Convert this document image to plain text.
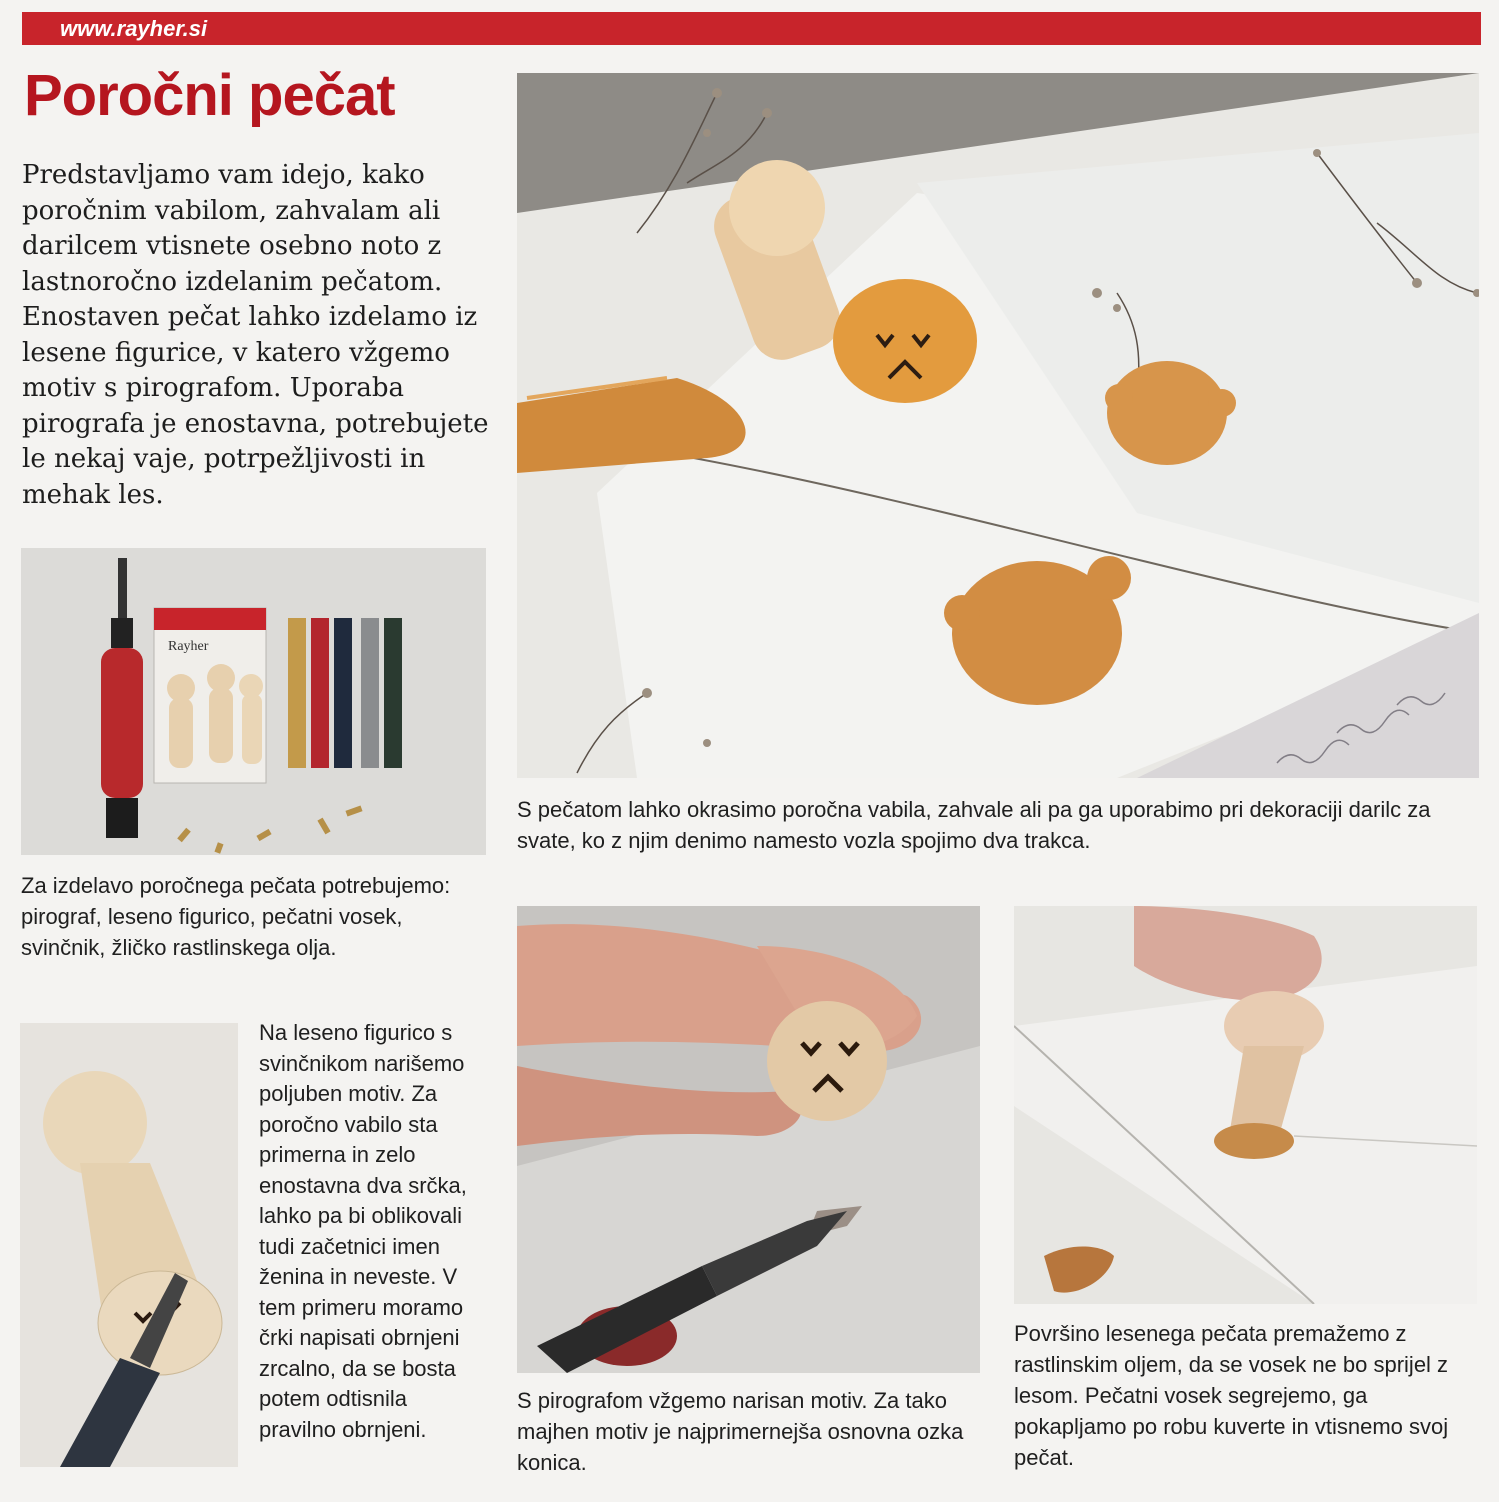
www.rayher.si
Poročni pečat

Predstavljamo vam idejo, kako poročnim vabilom, zahvalam ali darilcem vtisnete osebno noto z lastnoročno izdelanim pečatom. Enostaven pečat lahko izdelamo iz lesene figurice, v katero vžgemo motiv s pirografom. Uporaba pirografa je enostavna, potrebujete le nekaj vaje, potrpežljivosti in mehak les.

S pečatom lahko okrasimo poročna vabila, zahvale ali pa ga uporabimo pri dekoraciji darilc za svate, ko z njim denimo namesto vozla spojimo dva trakca.

Rayher

Za izdelavo poročnega pečata potrebujemo: pirograf, leseno figurico, pečatni vosek, svinčnik, žličko rastlinskega olja.

Na leseno figurico s svinčnikom narišemo poljuben motiv. Za poročno vabilo sta primerna in zelo enostavna dva srčka, lahko pa bi oblikovali tudi začetnici imen ženina in neveste. V tem primeru moramo črki napisati obrnjeni zrcalno, da se bosta potem odtisnila pravilno obrnjeni.

S pirografom vžgemo narisan motiv. Za tako majhen motiv je najprimernejša osnovna ozka konica.

Površino lesenega pečata premažemo z rastlinskim oljem, da se vosek ne bo sprijel z lesom. Pečatni vosek segrejemo, ga pokapljamo po robu kuverte in vtisnemo svoj pečat.
